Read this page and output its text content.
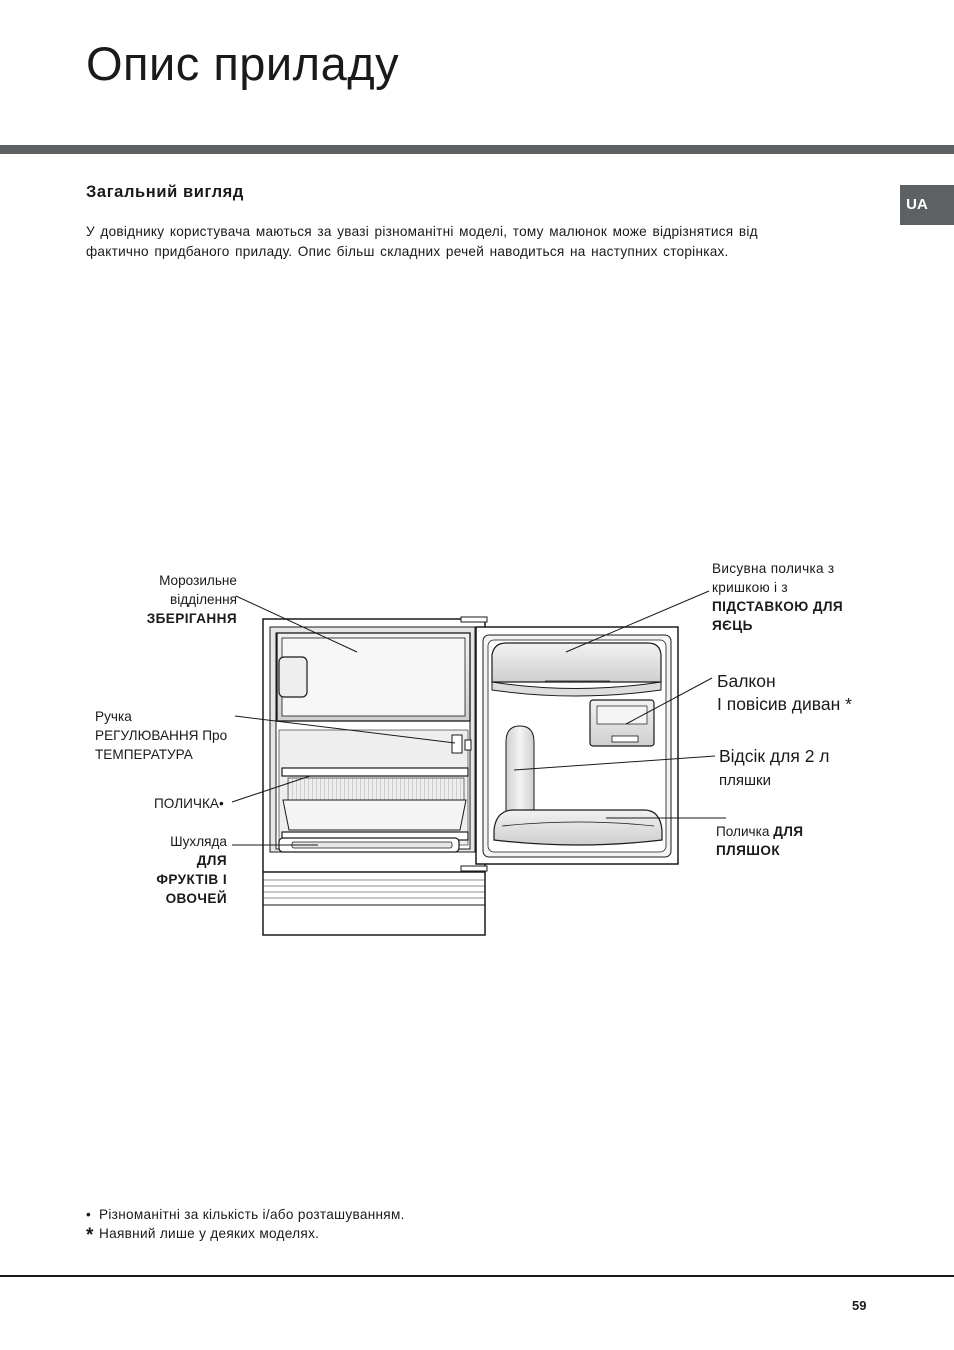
Опис приладу
UA
Загальний вигляд
У довіднику користувача маються за увазі різноманітні моделі, тому малюнок може відрізнятися від фактично придбаного приладу. Опис більш складних речей наводиться на наступних сторінках.
Морозильне
відділення
ЗБЕРІГАННЯ
Ручка
РЕГУЛЮВАННЯ Про
ТЕМПЕРАТУРА
ПОЛИЧКА•
Шухляда
ДЛЯ
ФРУКТІВ І
ОВОЧЕЙ
Висувна поличка з
кришкою і з
ПІДСТАВКОЮ ДЛЯ
ЯЄЦЬ
Балкон
І повісив диван *
Відсік для 2 л
пляшки
Поличка ДЛЯ
ПЛЯШОК
• Різноманітні за кількість і/або розташуванням.
* Наявний лише у деяких моделях.
59
